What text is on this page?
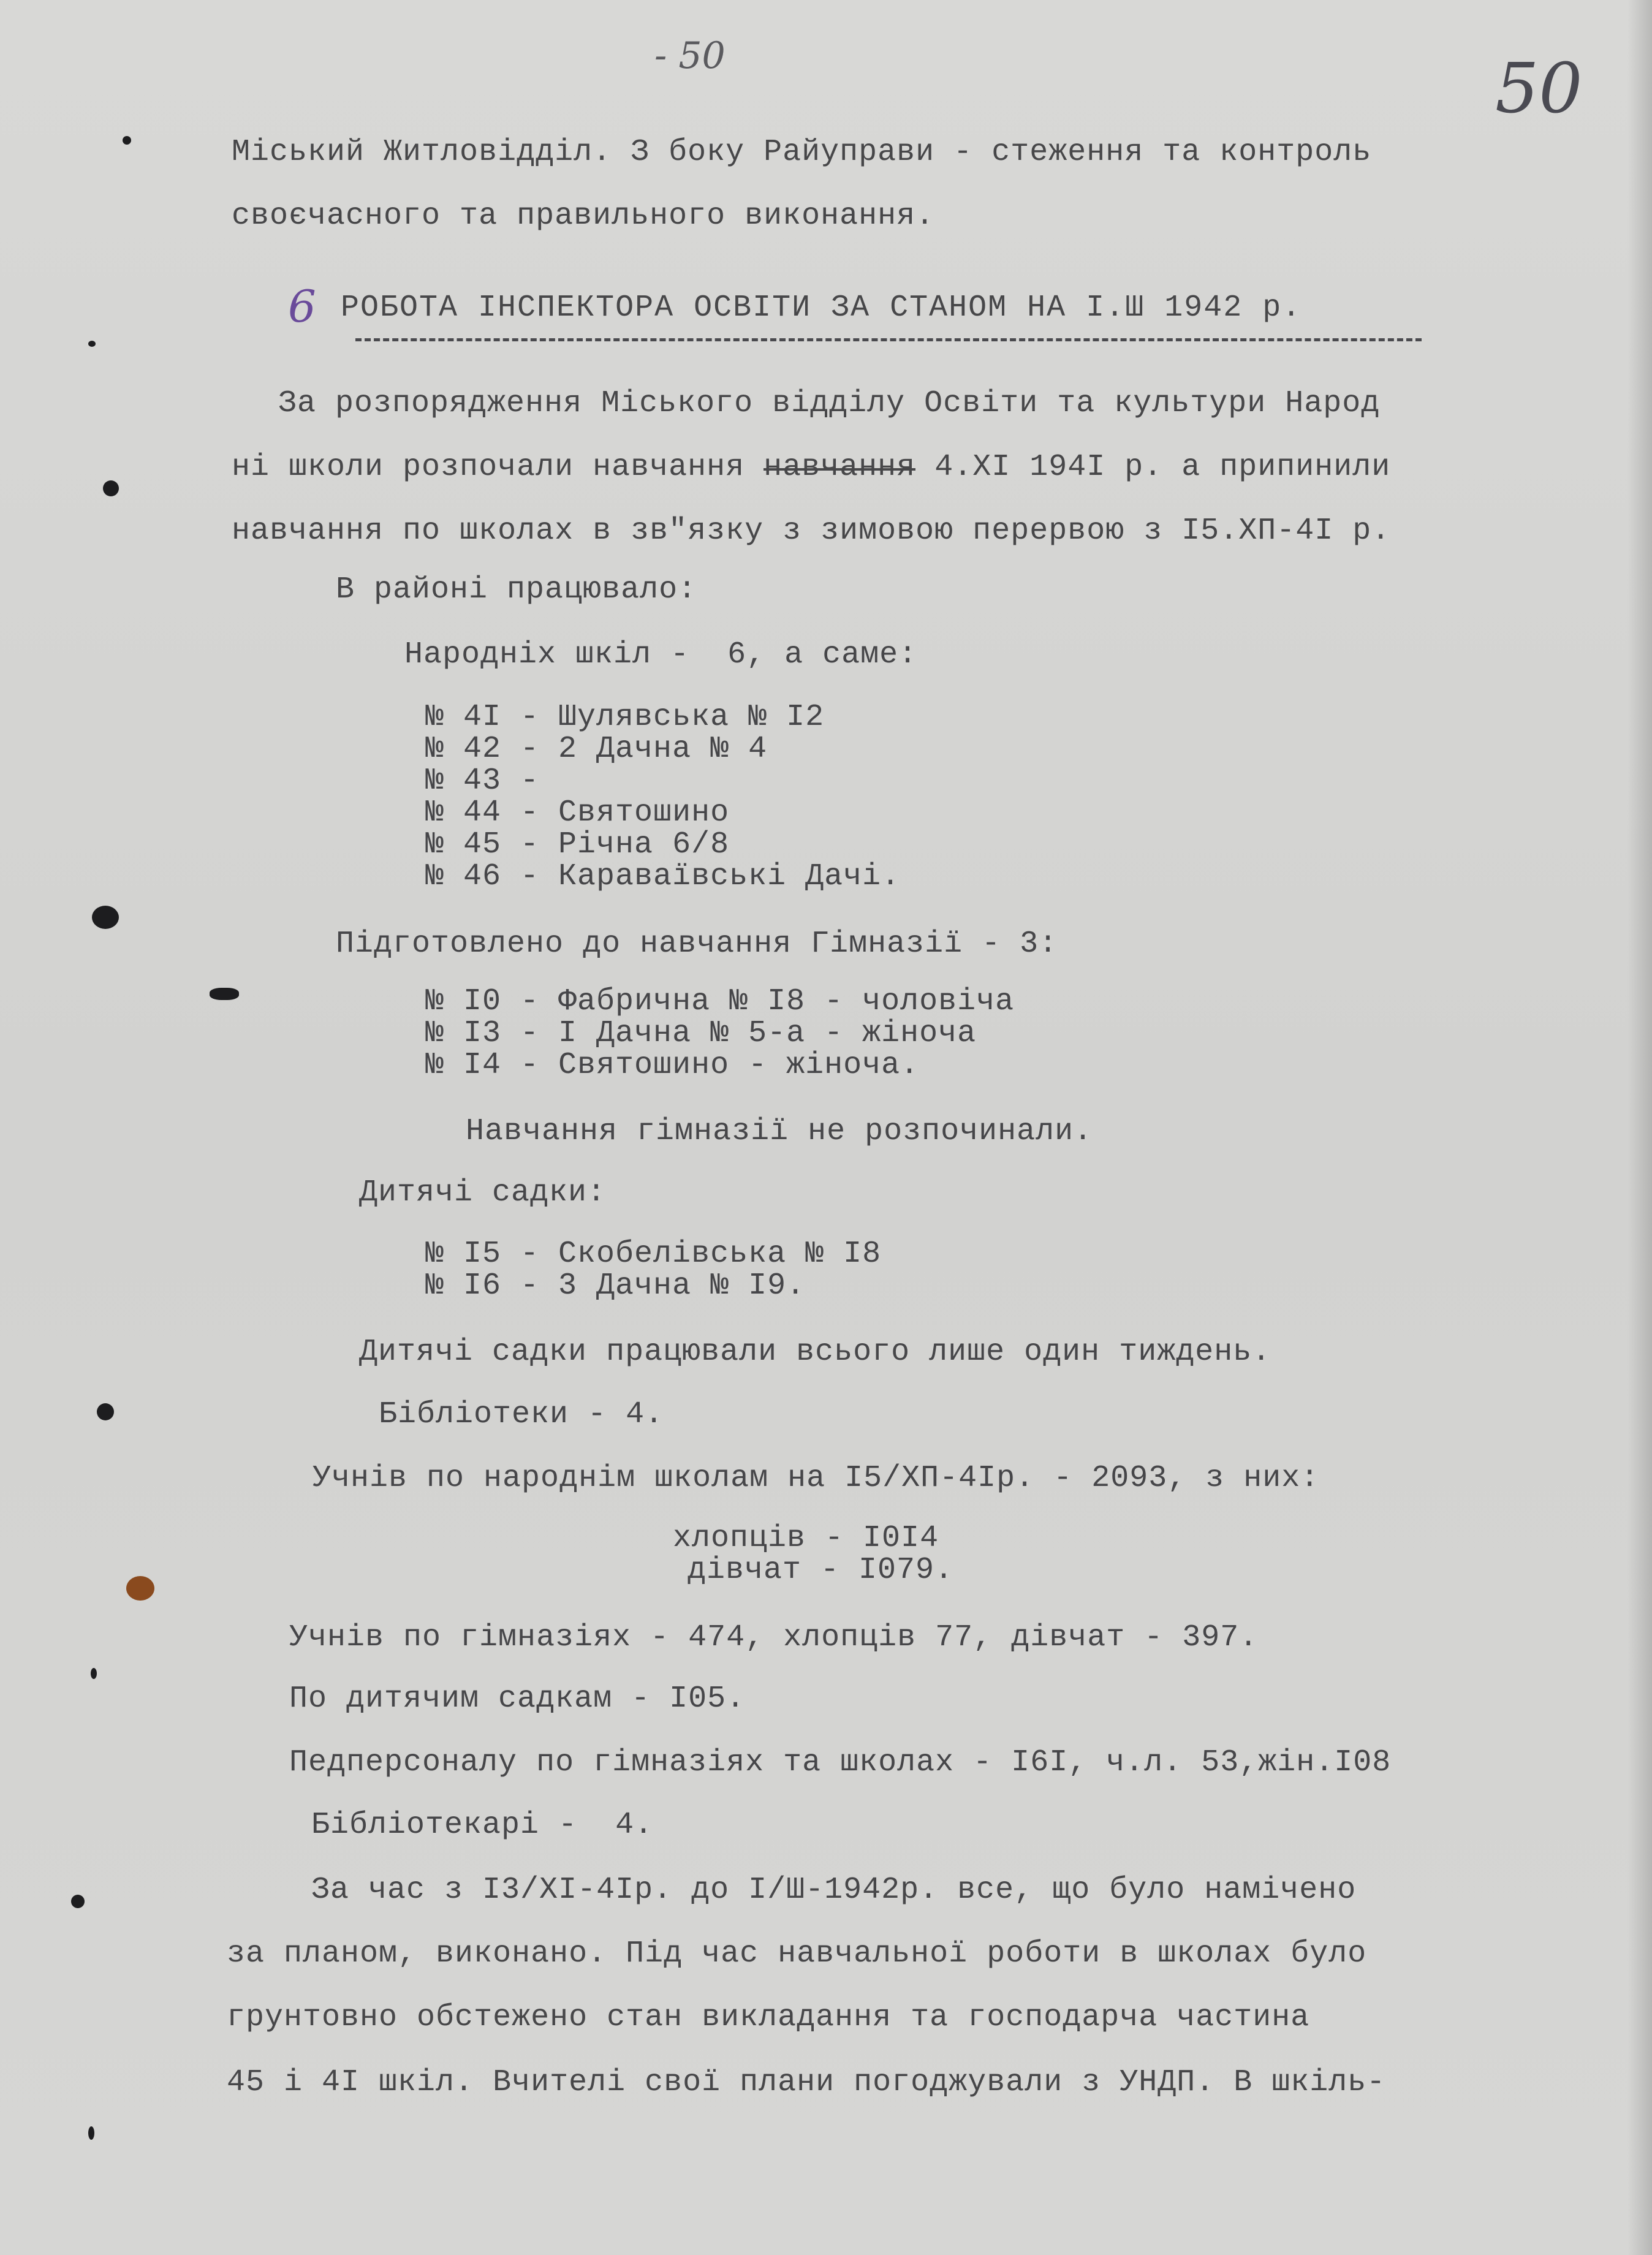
- 50	50
6
Міський Житловідділ. З боку Райуправи - стеження та контроль
своєчасного та правильного виконання.
РОБОТА ІНСПЕКТОРА ОСВІТИ ЗА СТАНОМ НА І.Ш 1942 р.
За розпорядження Міського відділу Освіти та культури Народ
ні школи розпочали навчання навчання 4.ХІ 194І р. а припинили
навчання по школах в зв"язку з зимовою перервою з І5.ХП-4І р.
В районі працювало:
Народніх шкіл -  6, а саме:
№ 4І - Шулявська № І2
№ 42 - 2 Дачна № 4
№ 43 -
№ 44 - Святошино
№ 45 - Річна 6/8
№ 46 - Караваївські Дачі.
Підготовлено до навчання Гімназії - 3:
№ І0 - Фабрична № І8 - чоловіча
№ І3 - І Дачна № 5-а - жіноча
№ І4 - Святошино - жіноча.
Навчання гімназії не розпочинали.
Дитячі садки:
№ І5 - Скобелівська № І8
№ І6 - 3 Дачна № І9.
Дитячі садки працювали всього лише один тиждень.
Бібліотеки - 4.
Учнів по народнім школам на І5/ХП-4Ір. - 2093, з них:
хлопців - І0І4
дівчат - І079.
Учнів по гімназіях - 474, хлопців 77, дівчат - 397.
По дитячим садкам - І05.
Педперсоналу по гімназіях та школах - І6І, ч.л. 53,жін.І08
Бібліотекарі -  4.
За час з І3/ХІ-4Ір. до І/Ш-1942р. все, що було намічено
за планом, виконано. Під час навчальної роботи в школах було
грунтовно обстежено стан викладання та господарча частина
45 і 4І шкіл. Вчителі свої плани погоджували з УНДП. В шкіль-
